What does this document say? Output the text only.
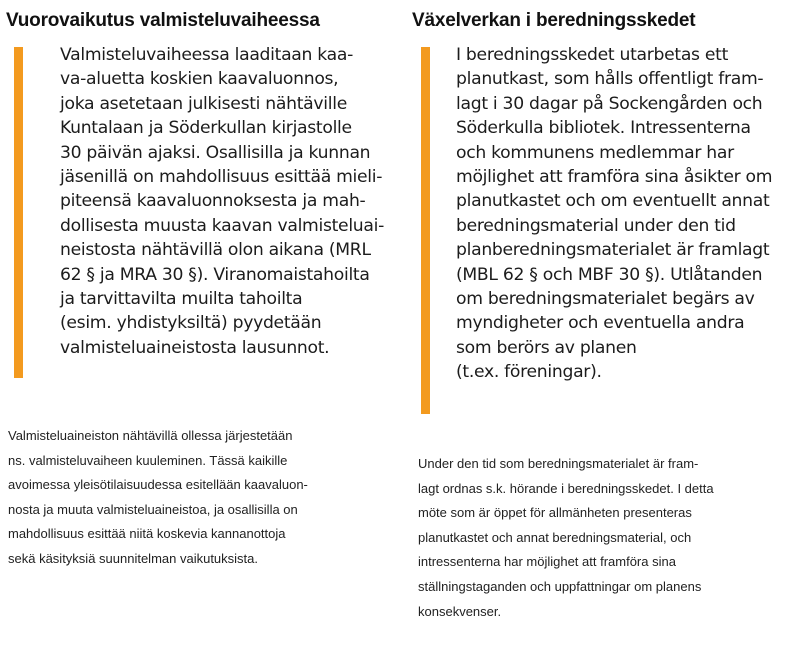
Vuorovaikutus valmisteluvaiheessa

Valmisteluvaiheessa laaditaan kaa-
va-aluetta koskien kaavaluonnos,
joka asetetaan julkisesti nähtäville
Kuntalaan ja Söderkullan kirjastolle
30 päivän ajaksi. Osallisilla ja kunnan
jäsenillä on mahdollisuus esittää mieli-
piteensä kaavaluonnoksesta ja mah-
dollisesta muusta kaavan valmisteluai-
neistosta nähtävillä olon aikana (MRL
62 § ja MRA 30 §). Viranomaistahoilta
ja tarvittavilta muilta tahoilta
(esim. yhdistyksiltä) pyydetään
valmisteluaineistosta lausunnot.

Valmisteluaineiston nähtävillä ollessa järjestetään
ns. valmisteluvaiheen kuuleminen. Tässä kaikille
avoimessa yleisötilaisuudessa esitellään kaavaluon-
nosta ja muuta valmisteluaineistoa, ja osallisilla on
mahdollisuus esittää niitä koskevia kannanottoja
sekä käsityksiä suunnitelman vaikutuksista.

Växelverkan i beredningsskedet

I beredningsskedet utarbetas ett
planutkast, som hålls offentligt fram-
lagt i 30 dagar på Sockengården och
Söderkulla bibliotek. Intressenterna
och kommunens medlemmar har
möjlighet att framföra sina åsikter om
planutkastet och om eventuellt annat
beredningsmaterial under den tid
planberedningsmaterialet är framlagt
(MBL 62 § och MBF 30 §). Utlåtanden
om beredningsmaterialet begärs av
myndigheter och eventuella andra
som berörs av planen
(t.ex. föreningar).

Under den tid som beredningsmaterialet är fram-
lagt ordnas s.k. hörande i beredningsskedet. I detta
möte som är öppet för allmänheten presenteras
planutkastet och annat beredningsmaterial, och
intressenterna har möjlighet att framföra sina
ställningstaganden och uppfattningar om planens
konsekvenser.
